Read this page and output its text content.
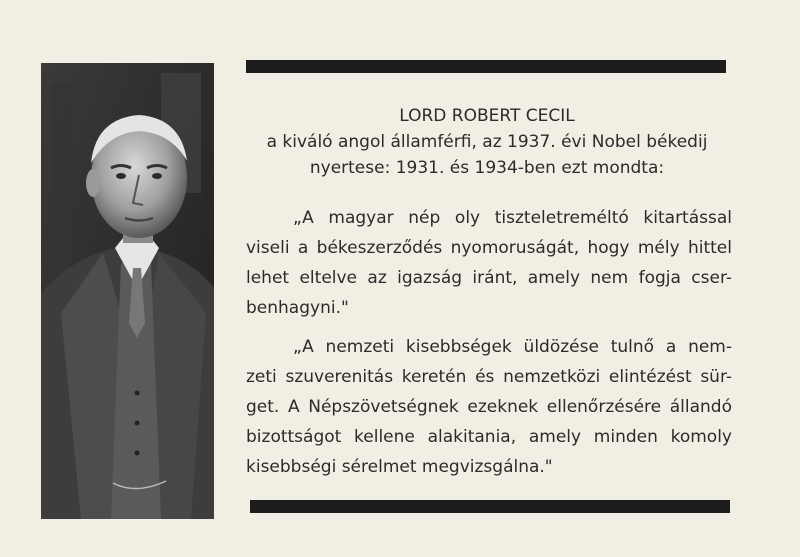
LORD ROBERT CECIL
a kiváló angol államférfi, az 1937. évi Nobel békedij
nyertese: 1931. és 1934-ben ezt mondta:
„A magyar nép oly tiszteletreméltó kitartással
viseli a békeszerződés nyomoruságát, hogy mély hittel
lehet eltelve az igazság iránt, amely nem fogja cser-
benhagyni."
„A nemzeti kisebbségek üldözése tulnő a nem-
zeti szuverenitás keretén és nemzetközi elintézést sür-
get. A Népszövetségnek ezeknek ellenőrzésére állandó
bizottságot kellene alakitania, amely minden komoly
kisebbségi sérelmet megvizsgálna."
